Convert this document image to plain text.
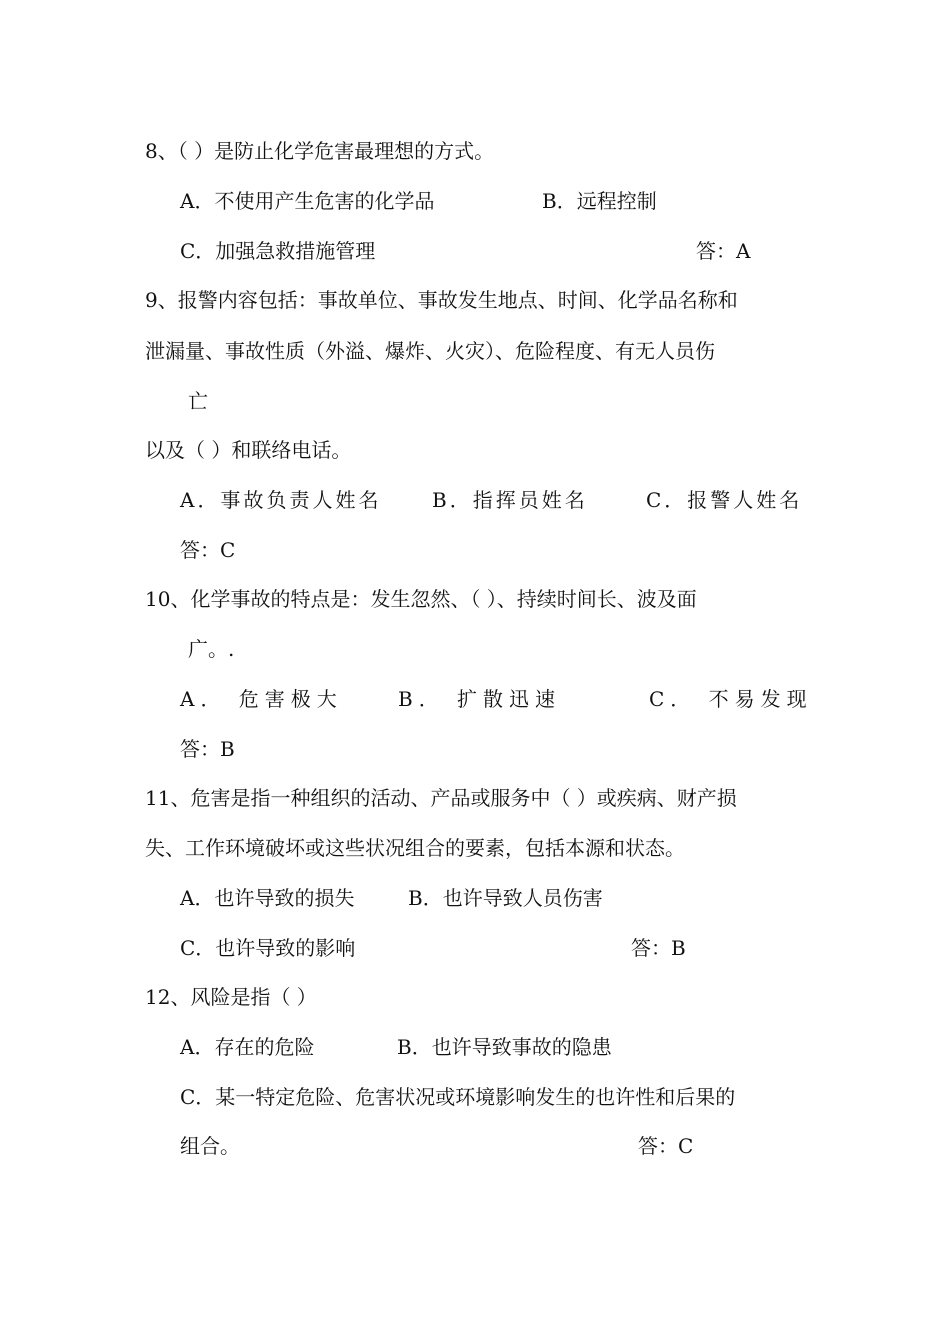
8、（ ）是防止化学危害最理想的方式。
A．不使用产生危害的化学品	B．远程控制
C．加强急救措施管理	答：A
9、报警内容包括：事故单位、事故发生地点、时间、化学品名称和
泄漏量、事故性质（外溢、爆炸、火灾）、危险程度、有无人员伤
亡
以及（ ）和联络电话。
A．事故负责人姓名	B．指挥员姓名	C．报警人姓名
答：C
10、化学事故的特点是：发生忽然、（ ）、持续时间长、波及面
广。.
A． 危害极大	B． 扩散迅速	C． 不易发现
答：B
11、危害是指一种组织的活动、产品或服务中（ ）或疾病、财产损
失、工作环境破坏或这些状况组合的要素，包括本源和状态。
A．也许导致的损失	B．也许导致人员伤害
C．也许导致的影响	答：B
12、风险是指（ ）
A．存在的危险	B．也许导致事故的隐患
C．某一特定危险、危害状况或环境影响发生的也许性和后果的
组合。	答：C
